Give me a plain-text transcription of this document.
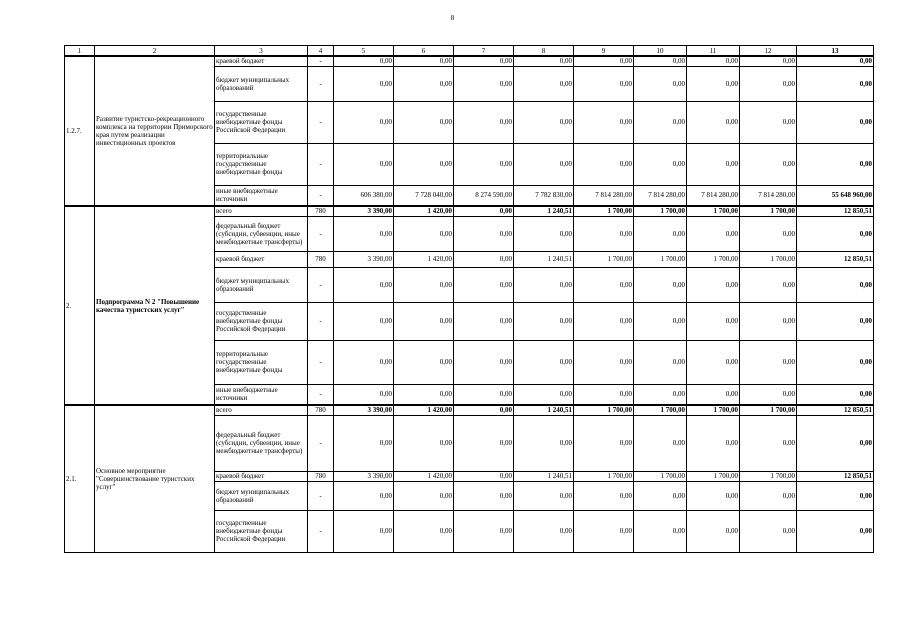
8
1	2	3	4	5	6	7	8	9	10	11	12	13
1.2.7.	Развитие туристско-рекреационного комплекса на территории Приморского края путем реализации инвестиционных проектов	краевой бюджет	-	0,00	0,00	0,00	0,00	0,00	0,00	0,00	0,00	0,00
		бюджет муниципальных образований	-	0,00	0,00	0,00	0,00	0,00	0,00	0,00	0,00	0,00
		государственные внебюджетные фонды Российской Федерации	-	0,00	0,00	0,00	0,00	0,00	0,00	0,00	0,00	0,00
		территориальные государственные внебюджетные фонды	-	0,00	0,00	0,00	0,00	0,00	0,00	0,00	0,00	0,00
		иные внебюджетные источники	-	606 380,00	7 728 040,00	8 274 590,00	7 782 830,00	7 814 280,00	7 814 280,00	7 814 280,00	7 814 280,00	55 648 960,00
2.	Подпрограмма N 2 "Повышение качества туристских услуг"	всего	780	3 390,00	1 420,00	0,00	1 240,51	1 700,00	1 700,00	1 700,00	1 700,00	12 850,51
		федеральный бюджет (субсидии, субвенции, иные межбюджетные трансферты)	-	0,00	0,00	0,00	0,00	0,00	0,00	0,00	0,00	0,00
		краевой бюджет	780	3 390,00	1 420,00	0,00	1 240,51	1 700,00	1 700,00	1 700,00	1 700,00	12 850,51
		бюджет муниципальных образований	-	0,00	0,00	0,00	0,00	0,00	0,00	0,00	0,00	0,00
		государственные внебюджетные фонды Российской Федерации	-	0,00	0,00	0,00	0,00	0,00	0,00	0,00	0,00	0,00
		территориальные государственные внебюджетные фонды	-	0,00	0,00	0,00	0,00	0,00	0,00	0,00	0,00	0,00
		иные внебюджетные источники	-	0,00	0,00	0,00	0,00	0,00	0,00	0,00	0,00	0,00
2.1.	Основное мероприятие "Совершенствование туристских услуг"	всего	780	3 390,00	1 420,00	0,00	1 240,51	1 700,00	1 700,00	1 700,00	1 700,00	12 850,51
		федеральный бюджет (субсидии, субвенции, иные межбюджетные трансферты)	-	0,00	0,00	0,00	0,00	0,00	0,00	0,00	0,00	0,00
		краевой бюджет	780	3 390,00	1 420,00	0,00	1 240,51	1 700,00	1 700,00	1 700,00	1 700,00	12 850,51
		бюджет муниципальных образований	-	0,00	0,00	0,00	0,00	0,00	0,00	0,00	0,00	0,00
		государственные внебюджетные фонды Российской Федерации	-	0,00	0,00	0,00	0,00	0,00	0,00	0,00	0,00	0,00
